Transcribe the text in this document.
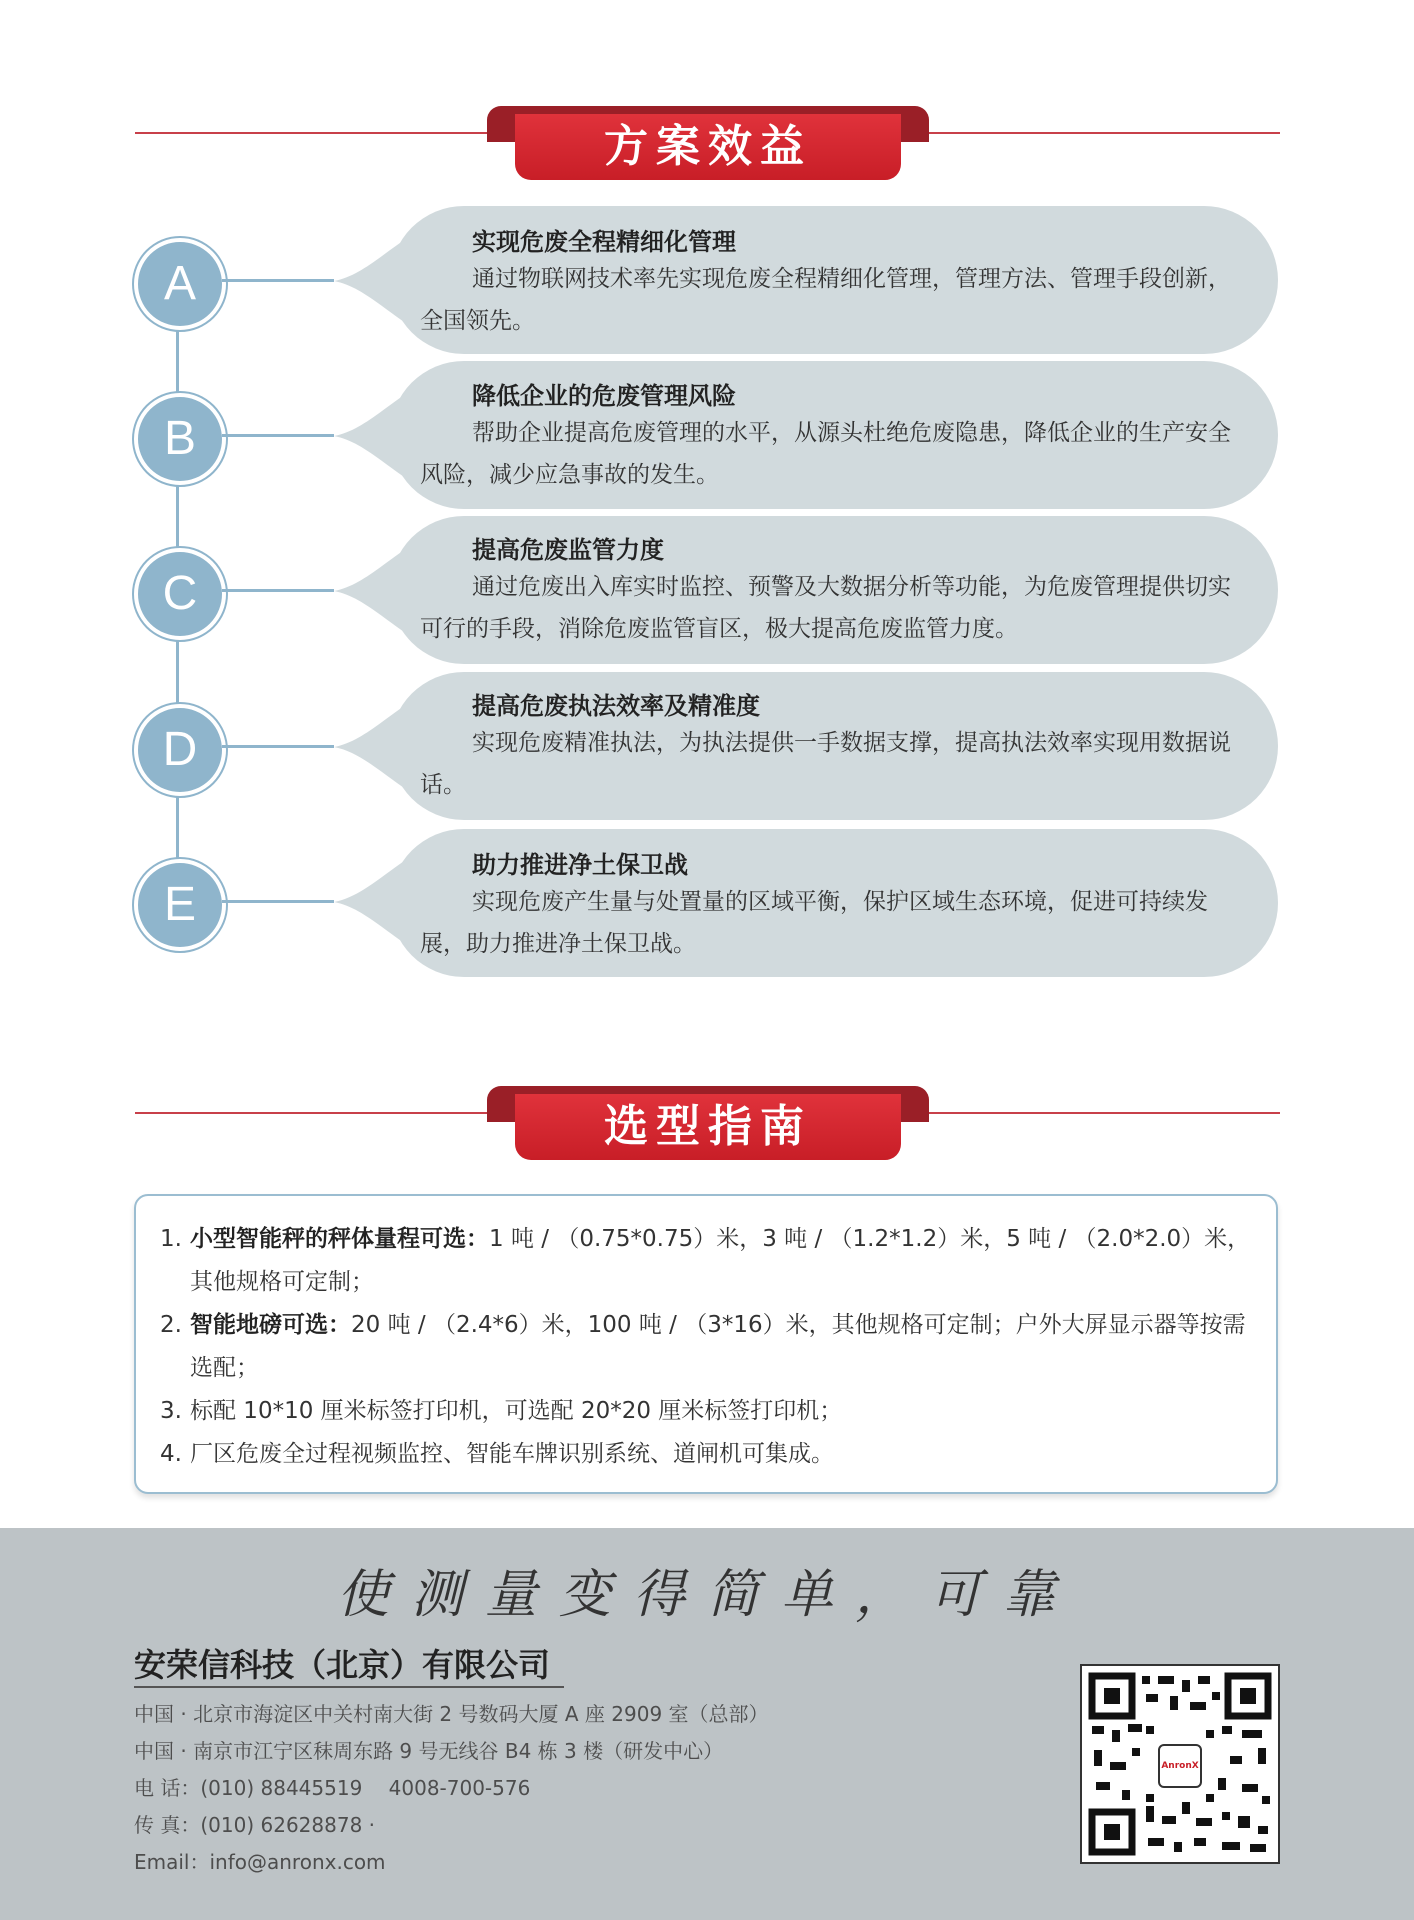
方案效益
A
实现危废全程精细化管理
通过物联网技术率先实现危废全程精细化管理，管理方法、管理手段创新，全国领先。
B
降低企业的危废管理风险
帮助企业提高危废管理的水平，从源头杜绝危废隐患，降低企业的生产安全风险，减少应急事故的发生。
C
提高危废监管力度
通过危废出入库实时监控、预警及大数据分析等功能，为危废管理提供切实可行的手段，消除危废监管盲区，极大提高危废监管力度。
D
提高危废执法效率及精准度
实现危废精准执法，为执法提供一手数据支撑，提高执法效率实现用数据说话。
E
助力推进净土保卫战
实现危废产生量与处置量的区域平衡，保护区域生态环境，促进可持续发展，助力推进净土保卫战。
选型指南
1. 小型智能秤的秤体量程可选：1 吨 / （0.75*0.75）米，3 吨 / （1.2*1.2）米，5 吨 / （2.0*2.0）米，其他规格可定制；
2. 智能地磅可选：20 吨 / （2.4*6）米，100 吨 / （3*16）米，其他规格可定制；户外大屏显示器等按需选配；
3. 标配 10*10 厘米标签打印机，可选配 20*20 厘米标签打印机；
4. 厂区危废全过程视频监控、智能车牌识别系统、道闸机可集成。
使测量变得简单，可靠
安荣信科技（北京）有限公司
中国 · 北京市海淀区中关村南大街 2 号数码大厦 A 座 2909 室（总部）
中国 · 南京市江宁区秣周东路 9 号无线谷 B4 栋 3 楼（研发中心）
电 话：(010) 88445519　 4008-700-576
传 真：(010) 62628878 ·
Email：info@anronx.com
AnronX
